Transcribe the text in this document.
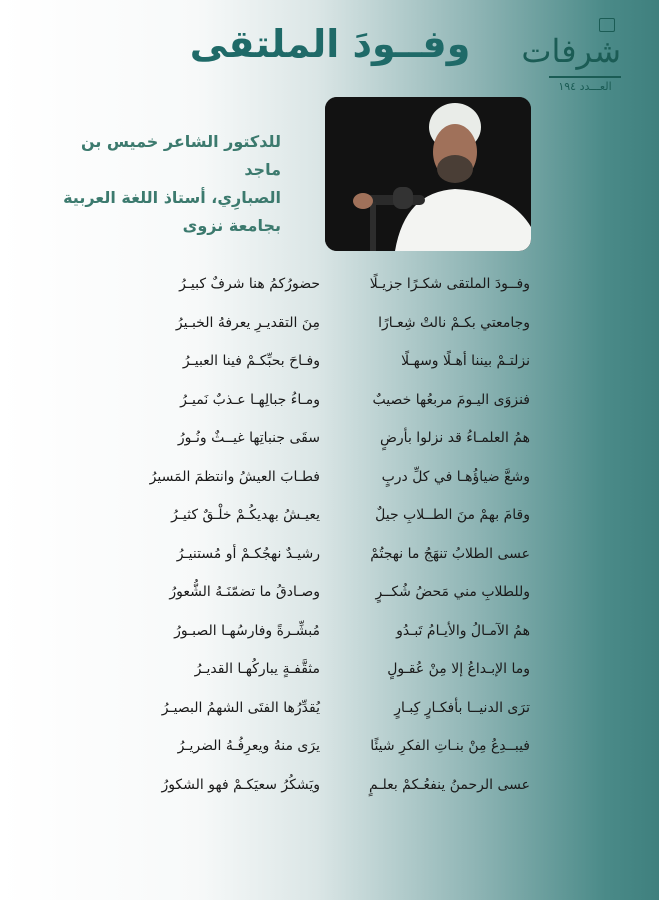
وفــودَ الملتقى	شرفات
العـــدد ١٩٤
للدكتور الشاعر خميس بن ماجد
الصبارِي، أستاذ اللغة العربية
بجامعة نزوى
وفــودَ الملتقى شكـرًا جزيـلًا
حضورُكمُ هنا شرفٌ كبيـرُ
وجامعتي بكـمْ نالتْ شِعـارًا
مِنَ التقديـرِ يعرفهُ الخبـيرُ
نزلتـمْ بيننا أهـلًا وسهـلًا
وفـاحَ بحبِّكـمْ فينا العبيـرُ
فنزوَى اليـومَ مربعُها خصيبٌ
ومـاءُ جبالِهـا عـذبٌ نَميـرُ
همُ العلمـاءُ قد نزلوا بأرضٍ
سقَى جنباتِها غيــثٌ ونُـورُ
وشعَّ ضياؤُهـا في كلِّ دربٍ
فطـابَ العيشُ وانتظمَ المَسيرُ
وقامَ بهمْ منَ الطــلابِ جيلٌ
يعيـشُ بهديكُـمْ خلْـقٌ كثيـرُ
عسى الطلابُ تنهَجُ ما نهجتُمْ
رشيـدٌ نهجُكـمْ أو مُستنيـرُ
وللطلابِ مني مَحضُ شُكــرٍ
وصـادقُ ما تضمّنَـهُ الشُّعورُ
همُ الآمـالُ والأيـامُ تَبـدُو
مُبشِّـرةً وفارسُهـا الصبـورُ
وما الإبـداعُ إلا مِنْ عُقـولٍ
مثقَّفـةٍ يباركُهـا القديـرُ
ترَى الدنيــا بأفكـارٍ كِبـارٍ
يُقدِّرُها الفتَى الشهمُ البصيـرُ
فيبــدِعُ مِنْ بنـاتِ الفكرِ شيئًا
يرَى منهُ ويعرِفُـهُ الضريـرُ
عسى الرحمنُ ينفعُـكمْ بعلـمٍ
ويَشكُرُ سعيَكـمْ فهو الشكورُ
